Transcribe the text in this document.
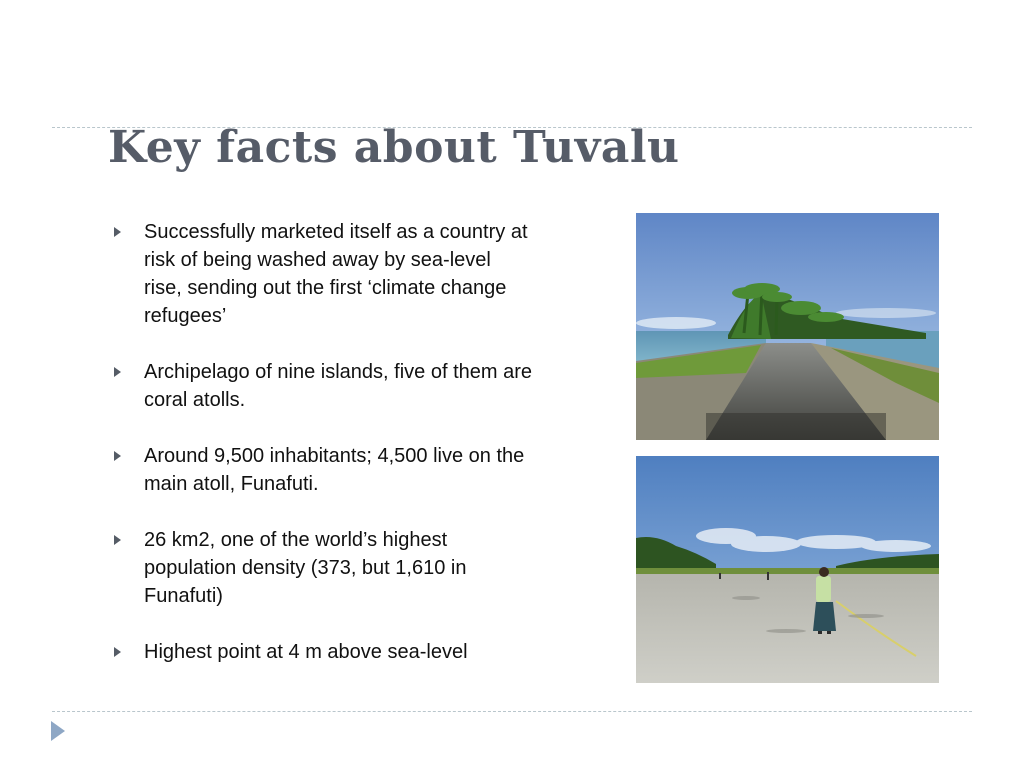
Key facts about Tuvalu
Successfully marketed itself as a country at risk of being washed away by sea-level rise, sending out the first ‘climate change refugees’
Archipelago of nine islands, five of them are coral atolls.
Around 9,500 inhabitants; 4,500 live on the main atoll, Funafuti.
26 km2, one of the world’s highest population density (373, but 1,610 in Funafuti)
Highest point at 4 m above sea-level
